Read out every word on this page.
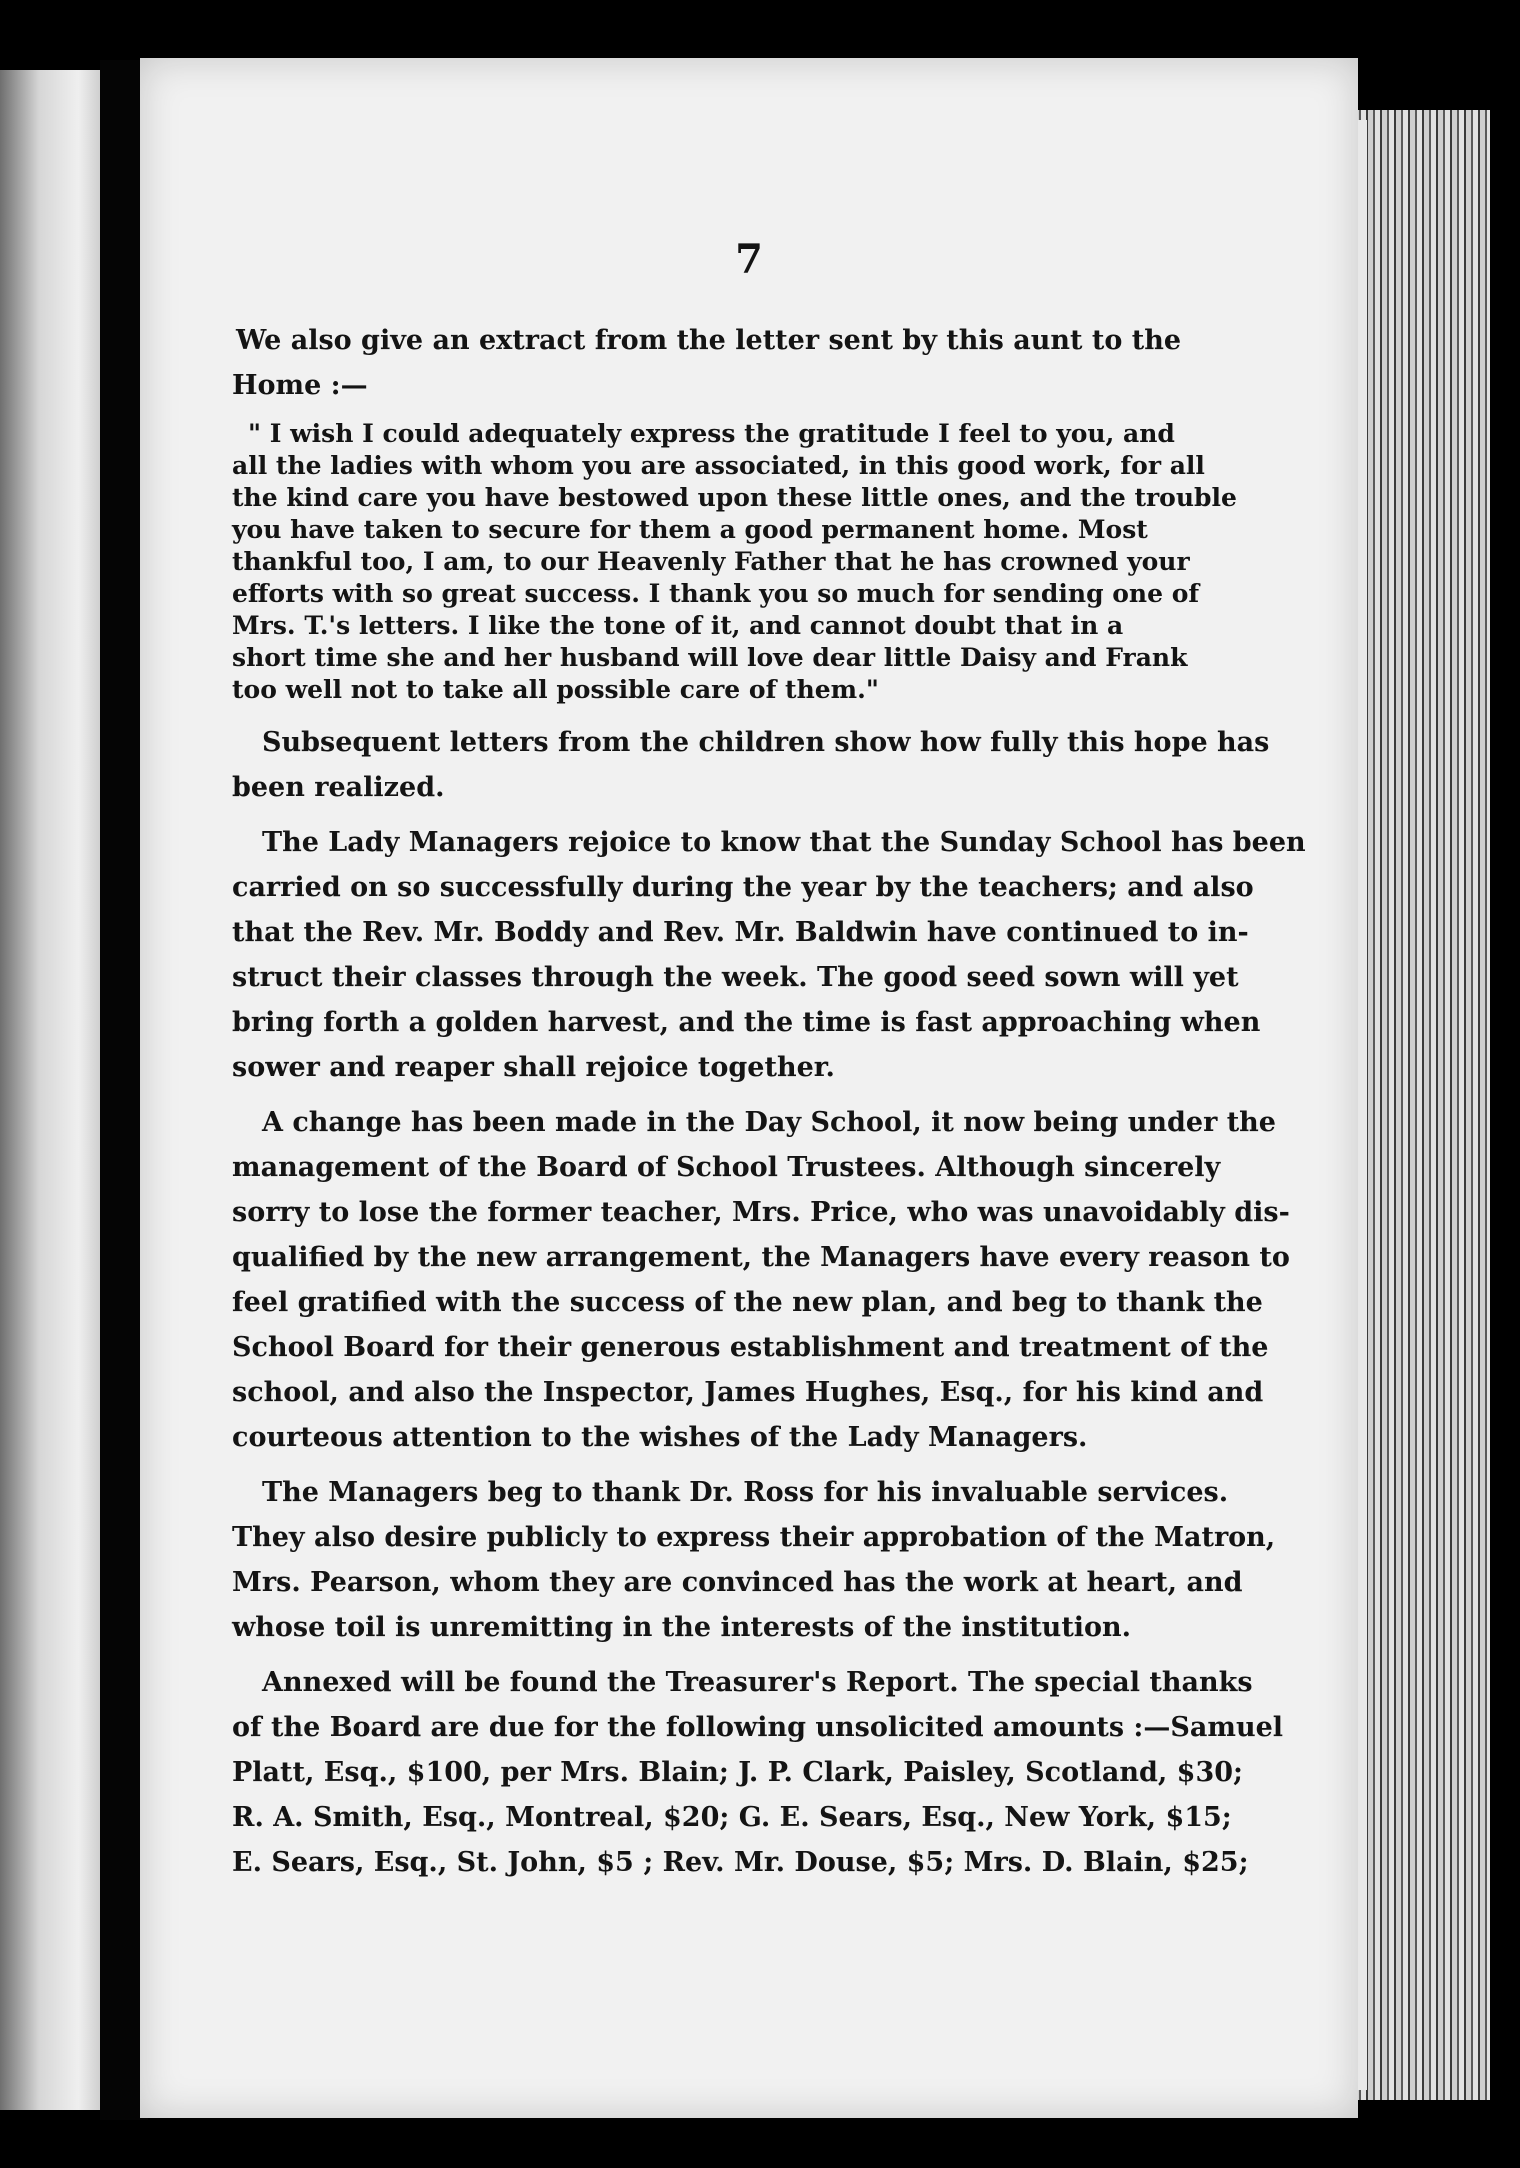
7
We also give an extract from the letter sent by this aunt to the
Home :—
" I wish I could adequately express the gratitude I feel to you, and
all the ladies with whom you are associated, in this good work, for all
the kind care you have bestowed upon these little ones, and the trouble
you have taken to secure for them a good permanent home. Most
thankful too, I am, to our Heavenly Father that he has crowned your
efforts with so great success. I thank you so much for sending one of
Mrs. T.'s letters. I like the tone of it, and cannot doubt that in a
short time she and her husband will love dear little Daisy and Frank
too well not to take all possible care of them."
Subsequent letters from the children show how fully this hope has
been realized.
The Lady Managers rejoice to know that the Sunday School has been
carried on so successfully during the year by the teachers; and also
that the Rev. Mr. Boddy and Rev. Mr. Baldwin have continued to in-
struct their classes through the week. The good seed sown will yet
bring forth a golden harvest, and the time is fast approaching when
sower and reaper shall rejoice together.
A change has been made in the Day School, it now being under the
management of the Board of School Trustees. Although sincerely
sorry to lose the former teacher, Mrs. Price, who was unavoidably dis-
qualified by the new arrangement, the Managers have every reason to
feel gratified with the success of the new plan, and beg to thank the
School Board for their generous establishment and treatment of the
school, and also the Inspector, James Hughes, Esq., for his kind and
courteous attention to the wishes of the Lady Managers.
The Managers beg to thank Dr. Ross for his invaluable services.
They also desire publicly to express their approbation of the Matron,
Mrs. Pearson, whom they are convinced has the work at heart, and
whose toil is unremitting in the interests of the institution.
Annexed will be found the Treasurer's Report. The special thanks
of the Board are due for the following unsolicited amounts :—Samuel
Platt, Esq., $100, per Mrs. Blain; J. P. Clark, Paisley, Scotland, $30;
R. A. Smith, Esq., Montreal, $20; G. E. Sears, Esq., New York, $15;
E. Sears, Esq., St. John, $5 ; Rev. Mr. Douse, $5; Mrs. D. Blain, $25;
